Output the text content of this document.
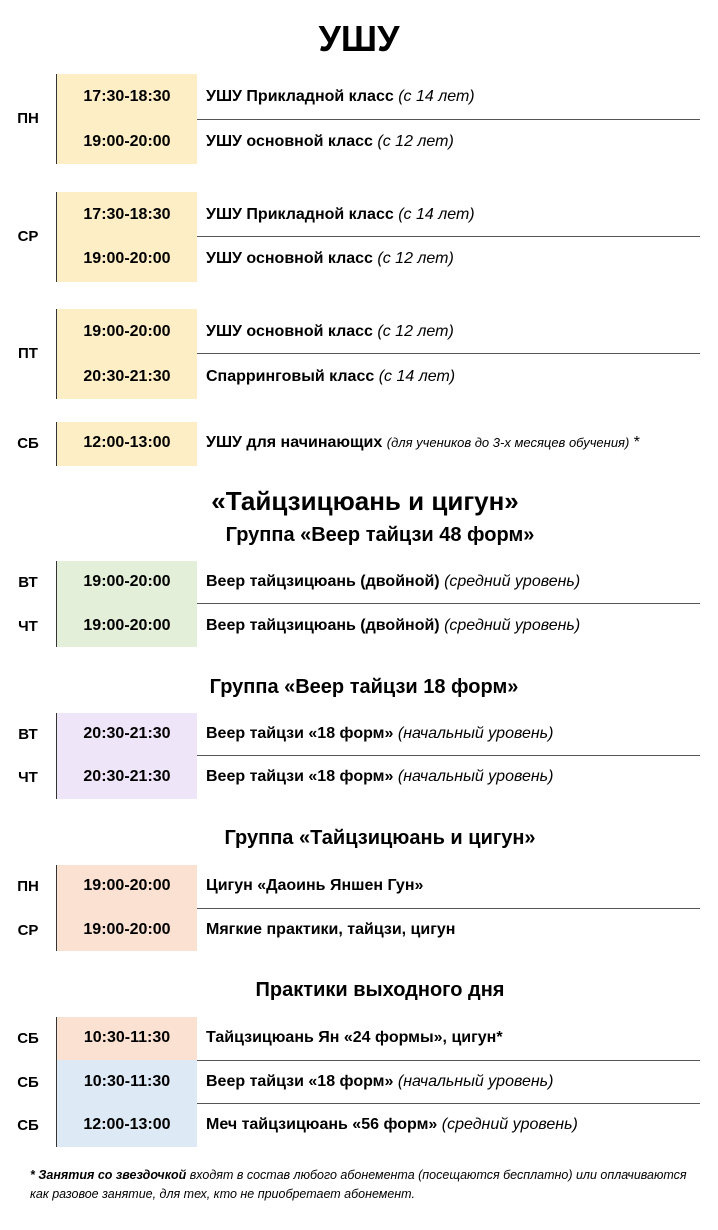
УШУ
ПН
17:30-18:30	УШУ Прикладной класс (с 14 лет)
19:00-20:00	УШУ основной класс (с 12 лет)
СР
17:30-18:30	УШУ Прикладной класс (с 14 лет)
19:00-20:00	УШУ основной класс (с 12 лет)
ПТ
19:00-20:00	УШУ основной класс (с 12 лет)
20:30-21:30	Спарринговый класс (с 14 лет)
СБ	12:00-13:00	УШУ для начинающих (для учеников до 3-х месяцев обучения) *
«Тайцзицюань и цигун»
Группа «Веер тайцзи 48 форм»
ВТ	19:00-20:00	Веер тайцзицюань (двойной) (средний уровень)
ЧТ	19:00-20:00	Веер тайцзицюань (двойной) (средний уровень)
Группа «Веер тайцзи 18 форм»
ВТ	20:30-21:30	Веер тайцзи «18 форм» (начальный уровень)
ЧТ	20:30-21:30	Веер тайцзи «18 форм» (начальный уровень)
Группа «Тайцзицюань и цигун»
ПН	19:00-20:00	Цигун «Даоинь Яншен Гун»
СР	19:00-20:00	Мягкие практики, тайцзи, цигун
Практики выходного дня
СБ	10:30-11:30	Тайцзицюань Ян «24 формы», цигун*
СБ	10:30-11:30	Веер тайцзи «18 форм» (начальный уровень)
СБ	12:00-13:00	Меч тайцзицюань «56 форм» (средний уровень)
* Занятия со звездочкой входят в состав любого абонемента (посещаются бесплатно) или оплачиваются как разовое занятие, для тех, кто не приобретает абонемент.
